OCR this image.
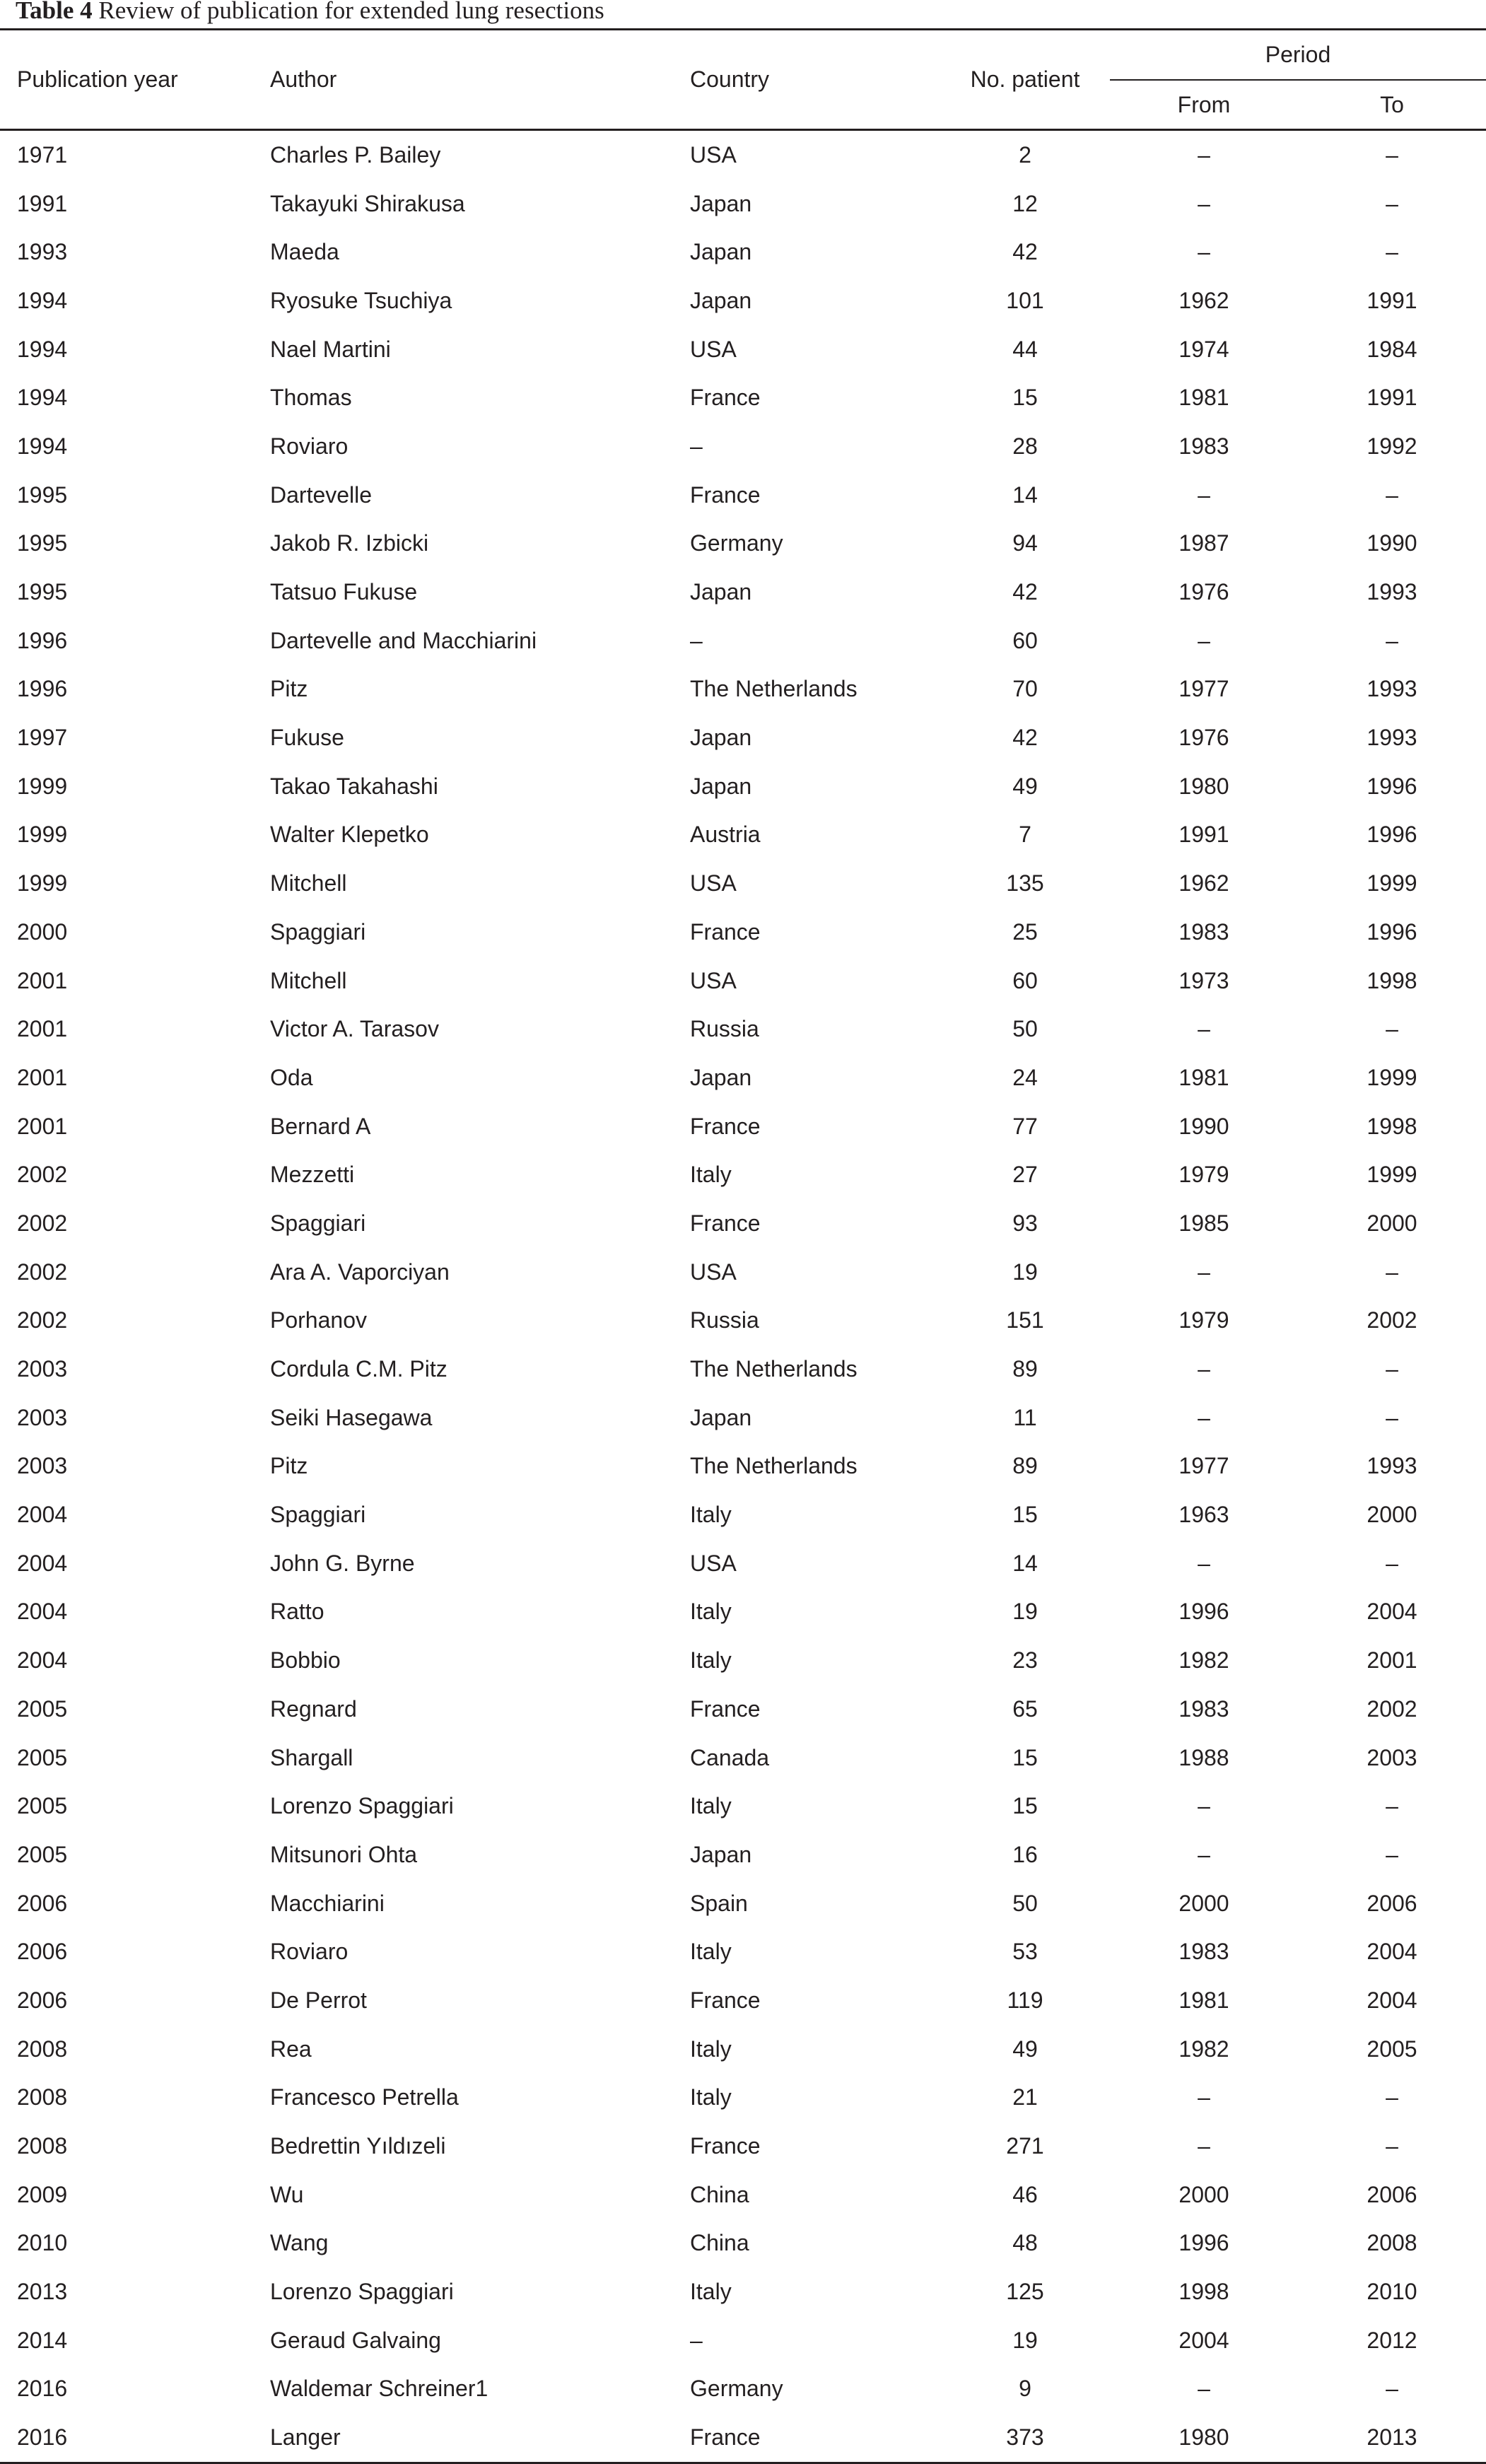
Table 4 Review of publication for extended lung resections
Publication year	Author	Country	No. patient	Period	
				From	To
1971	Charles P. Bailey	USA	2	–	–
1991	Takayuki Shirakusa	Japan	12	–	–
1993	Maeda	Japan	42	–	–
1994	Ryosuke Tsuchiya	Japan	101	1962	1991
1994	Nael Martini	USA	44	1974	1984
1994	Thomas	France	15	1981	1991
1994	Roviaro	–	28	1983	1992
1995	Dartevelle	France	14	–	–
1995	Jakob R. Izbicki	Germany	94	1987	1990
1995	Tatsuo Fukuse	Japan	42	1976	1993
1996	Dartevelle and Macchiarini	–	60	–	–
1996	Pitz	The Netherlands	70	1977	1993
1997	Fukuse	Japan	42	1976	1993
1999	Takao Takahashi	Japan	49	1980	1996
1999	Walter Klepetko	Austria	7	1991	1996
1999	Mitchell	USA	135	1962	1999
2000	Spaggiari	France	25	1983	1996
2001	Mitchell	USA	60	1973	1998
2001	Victor A. Tarasov	Russia	50	–	–
2001	Oda	Japan	24	1981	1999
2001	Bernard A	France	77	1990	1998
2002	Mezzetti	Italy	27	1979	1999
2002	Spaggiari	France	93	1985	2000
2002	Ara A. Vaporciyan	USA	19	–	–
2002	Porhanov	Russia	151	1979	2002
2003	Cordula C.M. Pitz	The Netherlands	89	–	–
2003	Seiki Hasegawa	Japan	11	–	–
2003	Pitz	The Netherlands	89	1977	1993
2004	Spaggiari	Italy	15	1963	2000
2004	John G. Byrne	USA	14	–	–
2004	Ratto	Italy	19	1996	2004
2004	Bobbio	Italy	23	1982	2001
2005	Regnard	France	65	1983	2002
2005	Shargall	Canada	15	1988	2003
2005	Lorenzo Spaggiari	Italy	15	–	–
2005	Mitsunori Ohta	Japan	16	–	–
2006	Macchiarini	Spain	50	2000	2006
2006	Roviaro	Italy	53	1983	2004
2006	De Perrot	France	119	1981	2004
2008	Rea	Italy	49	1982	2005
2008	Francesco Petrella	Italy	21	–	–
2008	Bedrettin Yıldızeli	France	271	–	–
2009	Wu	China	46	2000	2006
2010	Wang	China	48	1996	2008
2013	Lorenzo Spaggiari	Italy	125	1998	2010
2014	Geraud Galvaing	–	19	2004	2012
2016	Waldemar Schreiner1	Germany	9	–	–
2016	Langer	France	373	1980	2013
